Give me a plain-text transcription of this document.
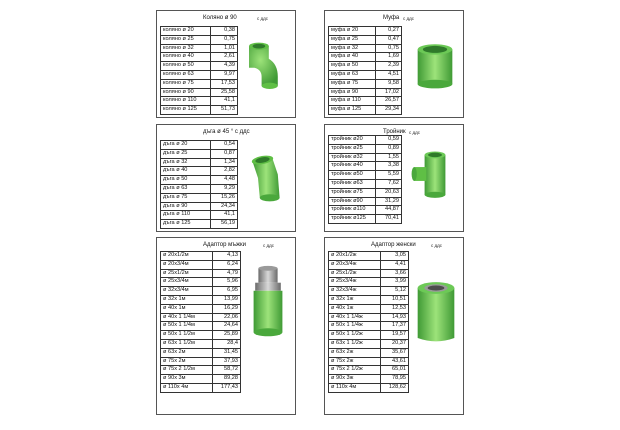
Коляно ø 90	с ддс
коляно ø 20	0,38
коляно ø 25	0,75
коляно ø 32	1,01
коляно ø 40	2,61
коляно ø 50	4,39
коляно ø 63	9,97
коляно ø 75	17,53
коляно ø 90	25,58
коляно ø 110	41,1
коляно ø 125	51,73
Муфа с ддс
муфа ø 20	0,27
муфа ø 25	0,47
муфа ø 32	0,75
муфа ø 40	1,69
муфа ø 50	2,39
муфа ø 63	4,51
муфа ø 75	9,58
муфа ø 90	17,02
муфа ø 110	26,57
муфа ø 125	29,34
дъга ø 45 ° с ддс
дъга ø 20	0,54
дъга ø 25	0,87
дъга ø 32	1,34
дъга ø 40	2,82
дъга ø 50	4,48
дъга ø 63	9,29
дъга ø 75	15,26
дъга ø 90	24,34
дъга ø 110	41,1
дъга ø 125	56,19
Тройник с ддс
тройник ø20	0,59
тройник ø25	0,89
тройник ø32	1,55
тройник ø40	3,38
тройник ø50	5,59
тройник ø63	7,62
тройник ø75	20,63
тройник ø90	31,29
тройник ø110	44,87
тройник ø125	70,41
Адаптор мъжки	с ддс
ø 20x1/2м	4,13
ø 20x3/4м	6,24
ø 25x1/2м	4,79
ø 25x3/4м	5,96
ø 32x3/4м	6,95
ø 32x 1м	13,99
ø 40x 1м	16,29
ø 40x 1 1/4м	22,06
ø 50x 1 1/4м	24,64
ø 50x 1 1/2м	25,89
ø 63x 1 1/2м	28,4
ø 63x 2м	31,45
ø 75x 2м	37,93
ø 75x 2 1/2м	58,72
ø 90x 3м	89,28
ø 110x 4м	177,43
Адаптор женски	с ддс
ø 20x1/2ж	3,05
ø 20x3/4ж	4,41
ø 25x1/2ж	3,66
ø 25x3/4ж	3,99
ø 32x3/4ж	5,12
ø 32x 1ж	10,51
ø 40x 1ж	12,53
ø 40x 1 1/4ж	14,93
ø 50x 1 1/4ж	17,37
ø 50x 1 1/2ж	19,57
ø 63x 1 1/2ж	20,37
ø 63x 2ж	35,67
ø 75x 2ж	43,61
ø 75x 2 1/2ж	65,01
ø 90x 3ж	78,95
ø 110x 4м	128,62
